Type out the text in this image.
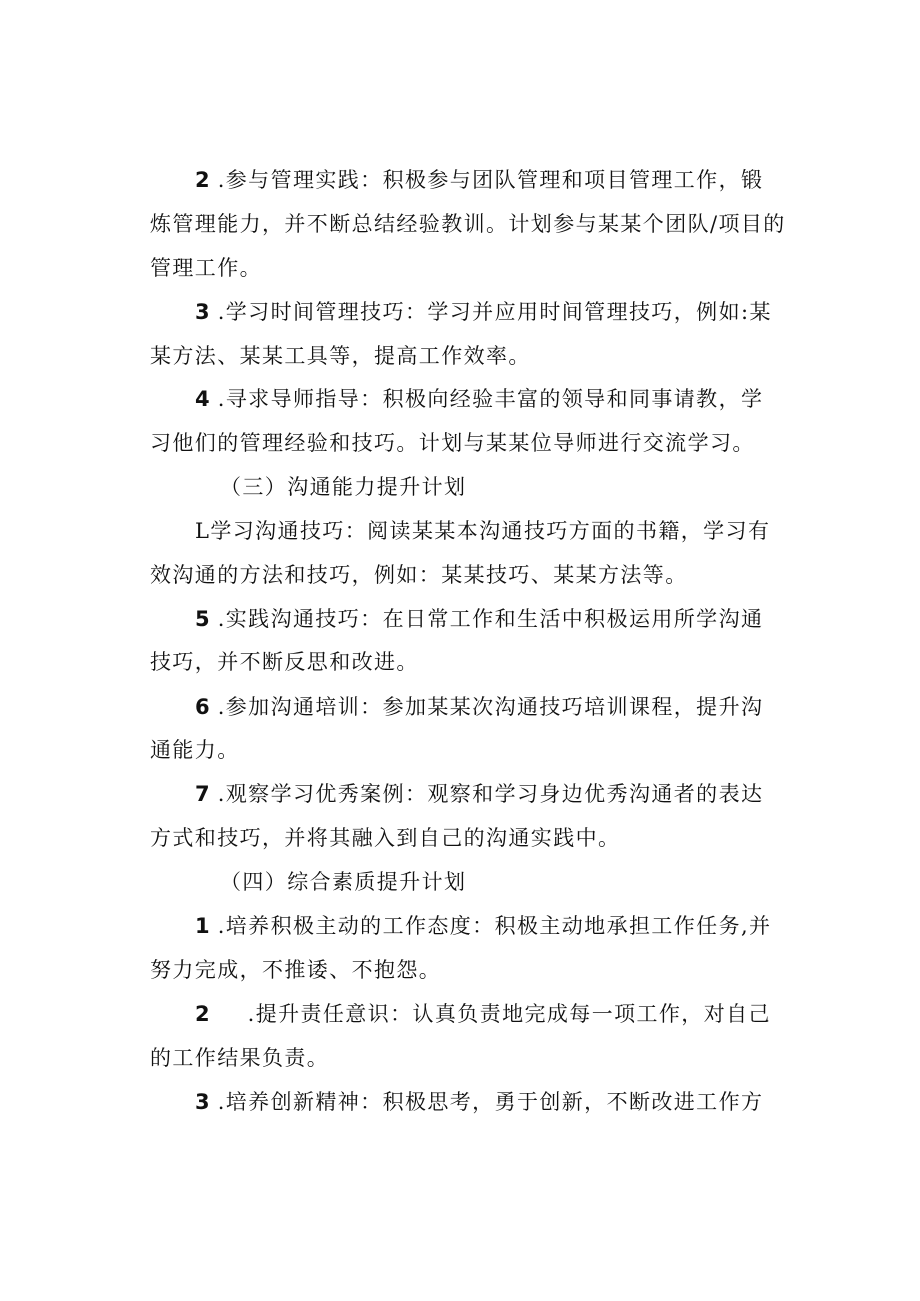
2 .参与管理实践：积极参与团队管理和项目管理工作，锻
炼管理能力，并不断总结经验教训。计划参与某某个团队/项目的
管理工作。
3 .学习时间管理技巧：学习并应用时间管理技巧，例如:某
某方法、某某工具等，提高工作效率。
4 .寻求导师指导：积极向经验丰富的领导和同事请教，学
习他们的管理经验和技巧。计划与某某位导师进行交流学习。
（三）沟通能力提升计划
L学习沟通技巧：阅读某某本沟通技巧方面的书籍，学习有
效沟通的方法和技巧，例如：某某技巧、某某方法等。
5 .实践沟通技巧：在日常工作和生活中积极运用所学沟通
技巧，并不断反思和改进。
6 .参加沟通培训：参加某某次沟通技巧培训课程，提升沟
通能力。
7 .观察学习优秀案例：观察和学习身边优秀沟通者的表达
方式和技巧，并将其融入到自己的沟通实践中。
（四）综合素质提升计划
1 .培养积极主动的工作态度：积极主动地承担工作任务,并
努力完成，不推诿、不抱怨。
2 .提升责任意识：认真负责地完成每一项工作，对自己
的工作结果负责。
3 .培养创新精神：积极思考，勇于创新，不断改进工作方
